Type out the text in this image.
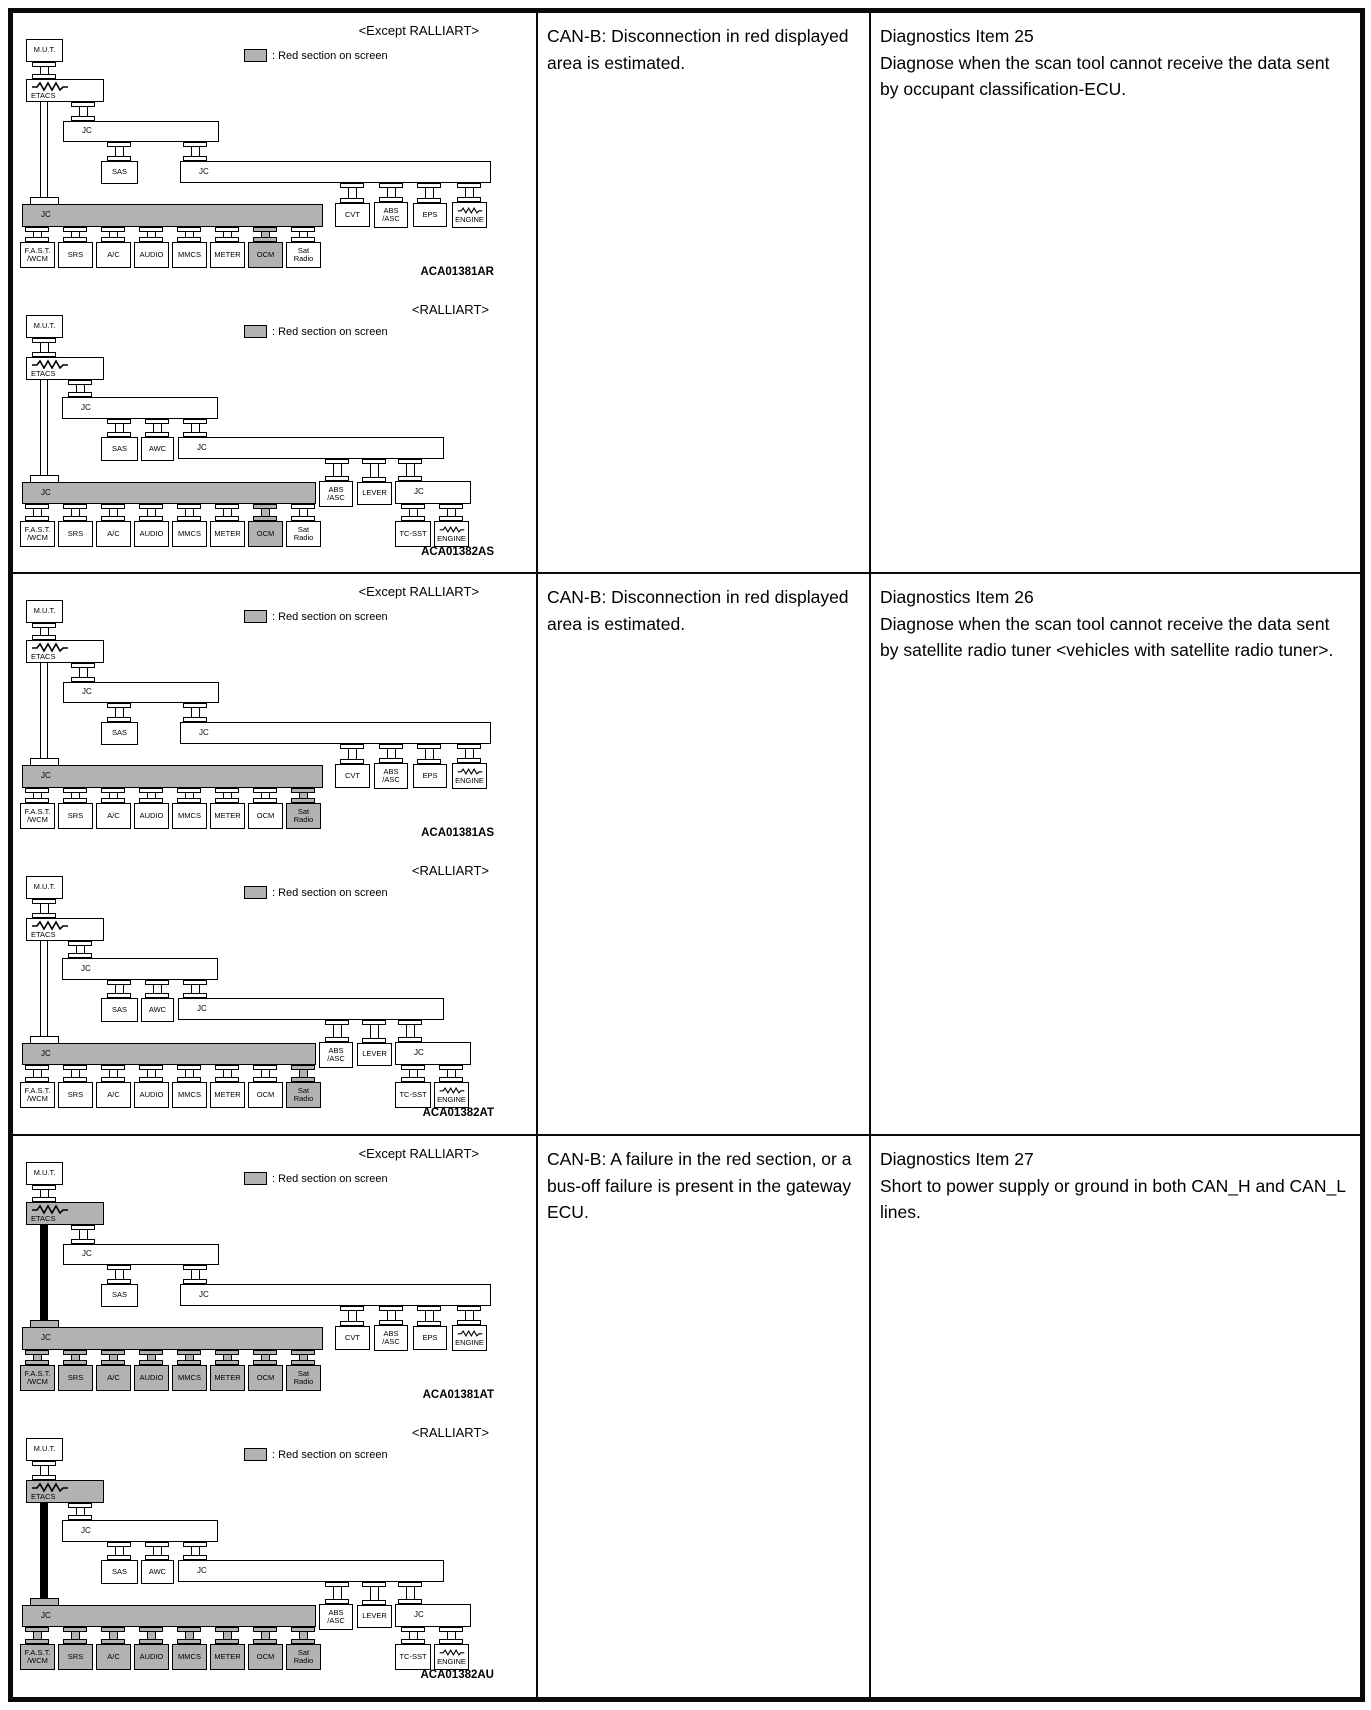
<Except RALLIART>
: Red section on screen
M.U.T.
ETACS
JC
SAS	JC
CVT	ABS
/ASC	EPS
ENGINE
JC
F.A.S.T.
/WCM	SRS	A/C	AUDIO MMCS METER OCM	Sat
Radio
ACA01381AR
<RALLIART>
: Red section on screen
M.U.T.
ETACS
JC
SAS	AWC	JC
ABS
/ASC
LEVER	JC
TC-SST
ENGINE
JC
F.A.S.T.
/WCM	SRS	A/C	AUDIO MMCS METER OCM	Sat
Radio
ACA01382AS

CAN-B: Disconnection in red displayed area is estimated.

Diagnostics Item 25

Diagnose when the scan tool cannot receive the data sent by occupant classification-ECU.

<Except RALLIART>
: Red section on screen
M.U.T.
ETACS
JC
SAS	JC
CVT	ABS
/ASC	EPS
ENGINE
JC
F.A.S.T.
/WCM	SRS	A/C	AUDIO MMCS METER OCM	Sat
Radio
ACA01381AS
<RALLIART>
: Red section on screen
M.U.T.
ETACS
JC
SAS	AWC	JC
ABS
/ASC
LEVER	JC
TC-SST
ENGINE
JC
F.A.S.T.
/WCM	SRS	A/C	AUDIO MMCS METER OCM	Sat
Radio
ACA01382AT

CAN-B: Disconnection in red displayed area is estimated.

Diagnostics Item 26

Diagnose when the scan tool cannot receive the data sent by satellite radio tuner <vehicles with satellite radio tuner>.

<Except RALLIART>
: Red section on screen
M.U.T.
ETACS
JC
SAS	JC
CVT	ABS
/ASC	EPS
ENGINE
JC
F.A.S.T.
/WCM	SRS	A/C	AUDIO MMCS METER OCM	Sat
Radio
ACA01381AT
<RALLIART>
: Red section on screen
M.U.T.
ETACS
JC
SAS	AWC	JC
ABS
/ASC
LEVER	JC
TC-SST
ENGINE
JC
F.A.S.T.
/WCM	SRS	A/C	AUDIO MMCS METER OCM	Sat
Radio
ACA01382AU

CAN-B: A failure in the red section, or a bus-off failure is present in the gateway ECU.

Diagnostics Item 27

Short to power supply or ground in both CAN_H and CAN_L lines.
